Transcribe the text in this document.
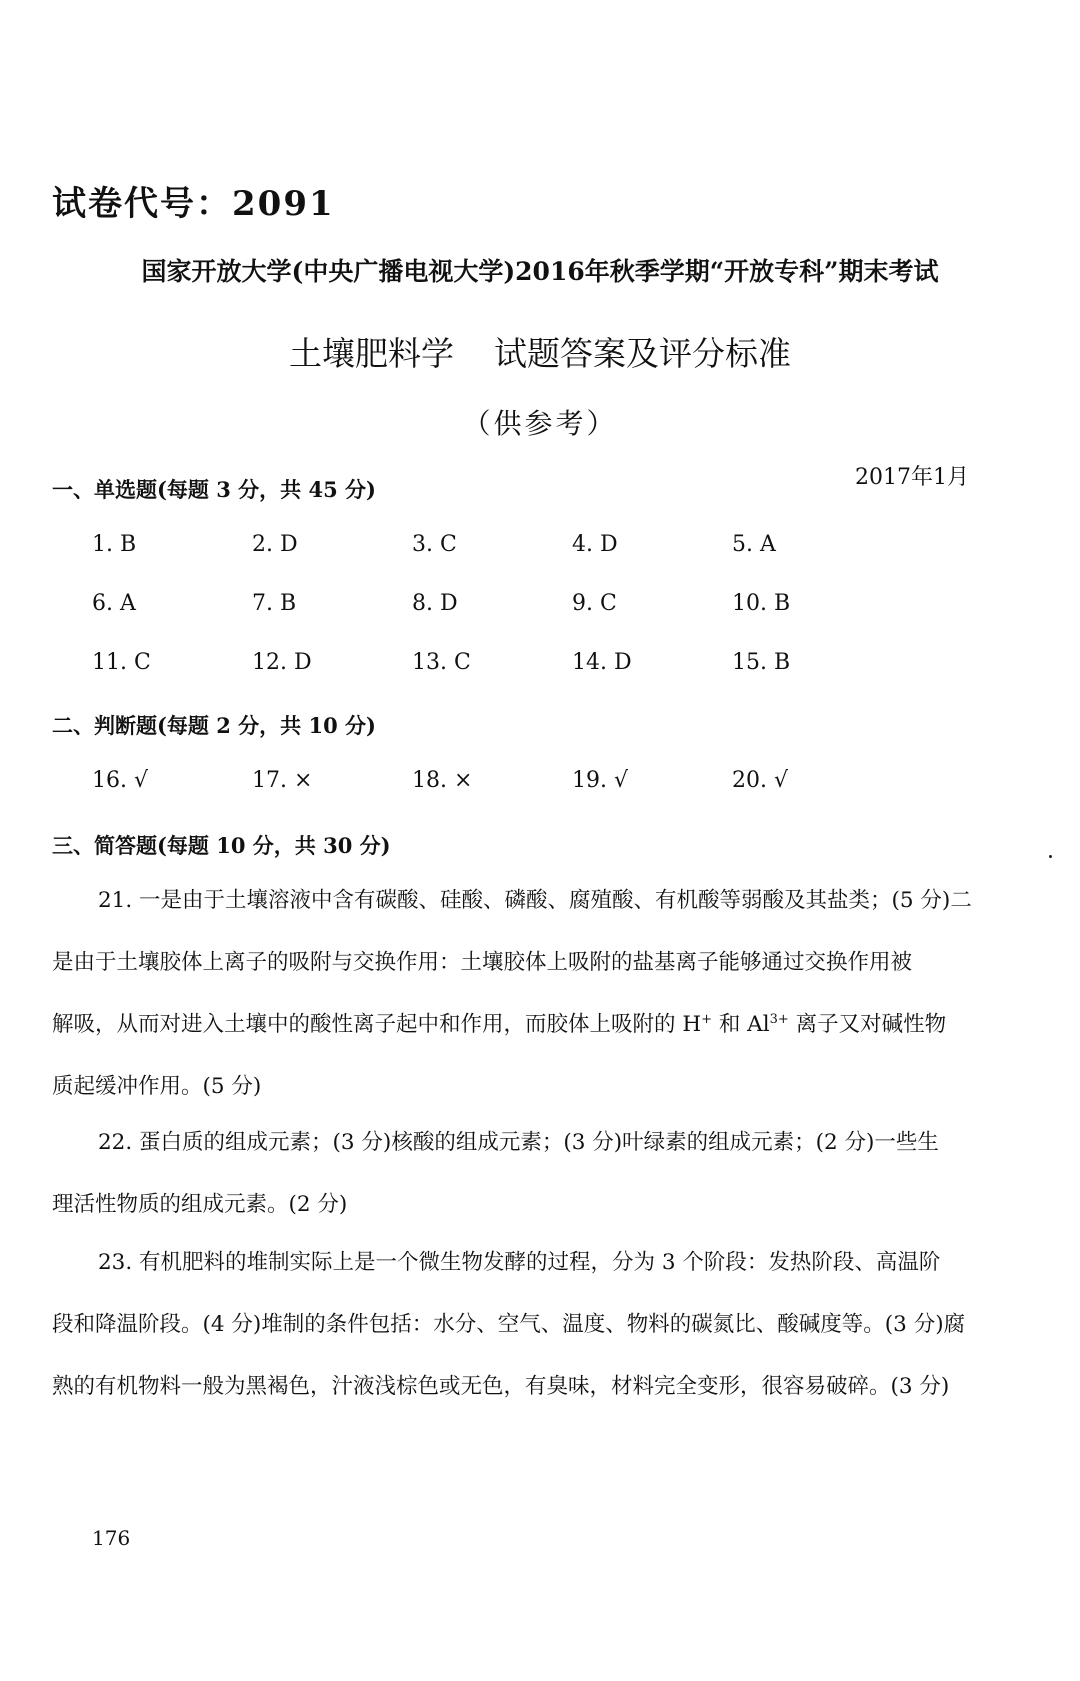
试卷代号：2091
国家开放大学(中央广播电视大学)2016年秋季学期“开放专科”期末考试
土壤肥料学 试题答案及评分标准
（供参考）
2017年1月
一、单选题(每题 3 分，共 45 分)
1. B	2. D	3. C	4. D	5. A
6. A	7. B	8. D	9. C	10. B
11. C	12. D	13. C	14. D	15. B
二、判断题(每题 2 分，共 10 分)
16. √	17. ×	18. ×	19. √	20. √
三、简答题(每题 10 分，共 30 分)

21. 一是由于土壤溶液中含有碳酸、硅酸、磷酸、腐殖酸、有机酸等弱酸及其盐类；(5 分)二
是由于土壤胶体上离子的吸附与交换作用：土壤胶体上吸附的盐基离子能够通过交换作用被
解吸，从而对进入土壤中的酸性离子起中和作用，而胶体上吸附的 H+ 和 $Al^{3+}$ 离子又对碱性物
质起缓冲作用。(5 分)

22. 蛋白质的组成元素；(3 分)核酸的组成元素；(3 分)叶绿素的组成元素；(2 分)一些生
理活性物质的组成元素。(2 分)

23. 有机肥料的堆制实际上是一个微生物发酵的过程，分为 3 个阶段：发热阶段、高温阶
段和降温阶段。(4 分)堆制的条件包括：水分、空气、温度、物料的碳氮比、酸碱度等。(3 分)腐
熟的有机物料一般为黑褐色，汁液浅棕色或无色，有臭味，材料完全变形，很容易破碎。(3 分)

176
